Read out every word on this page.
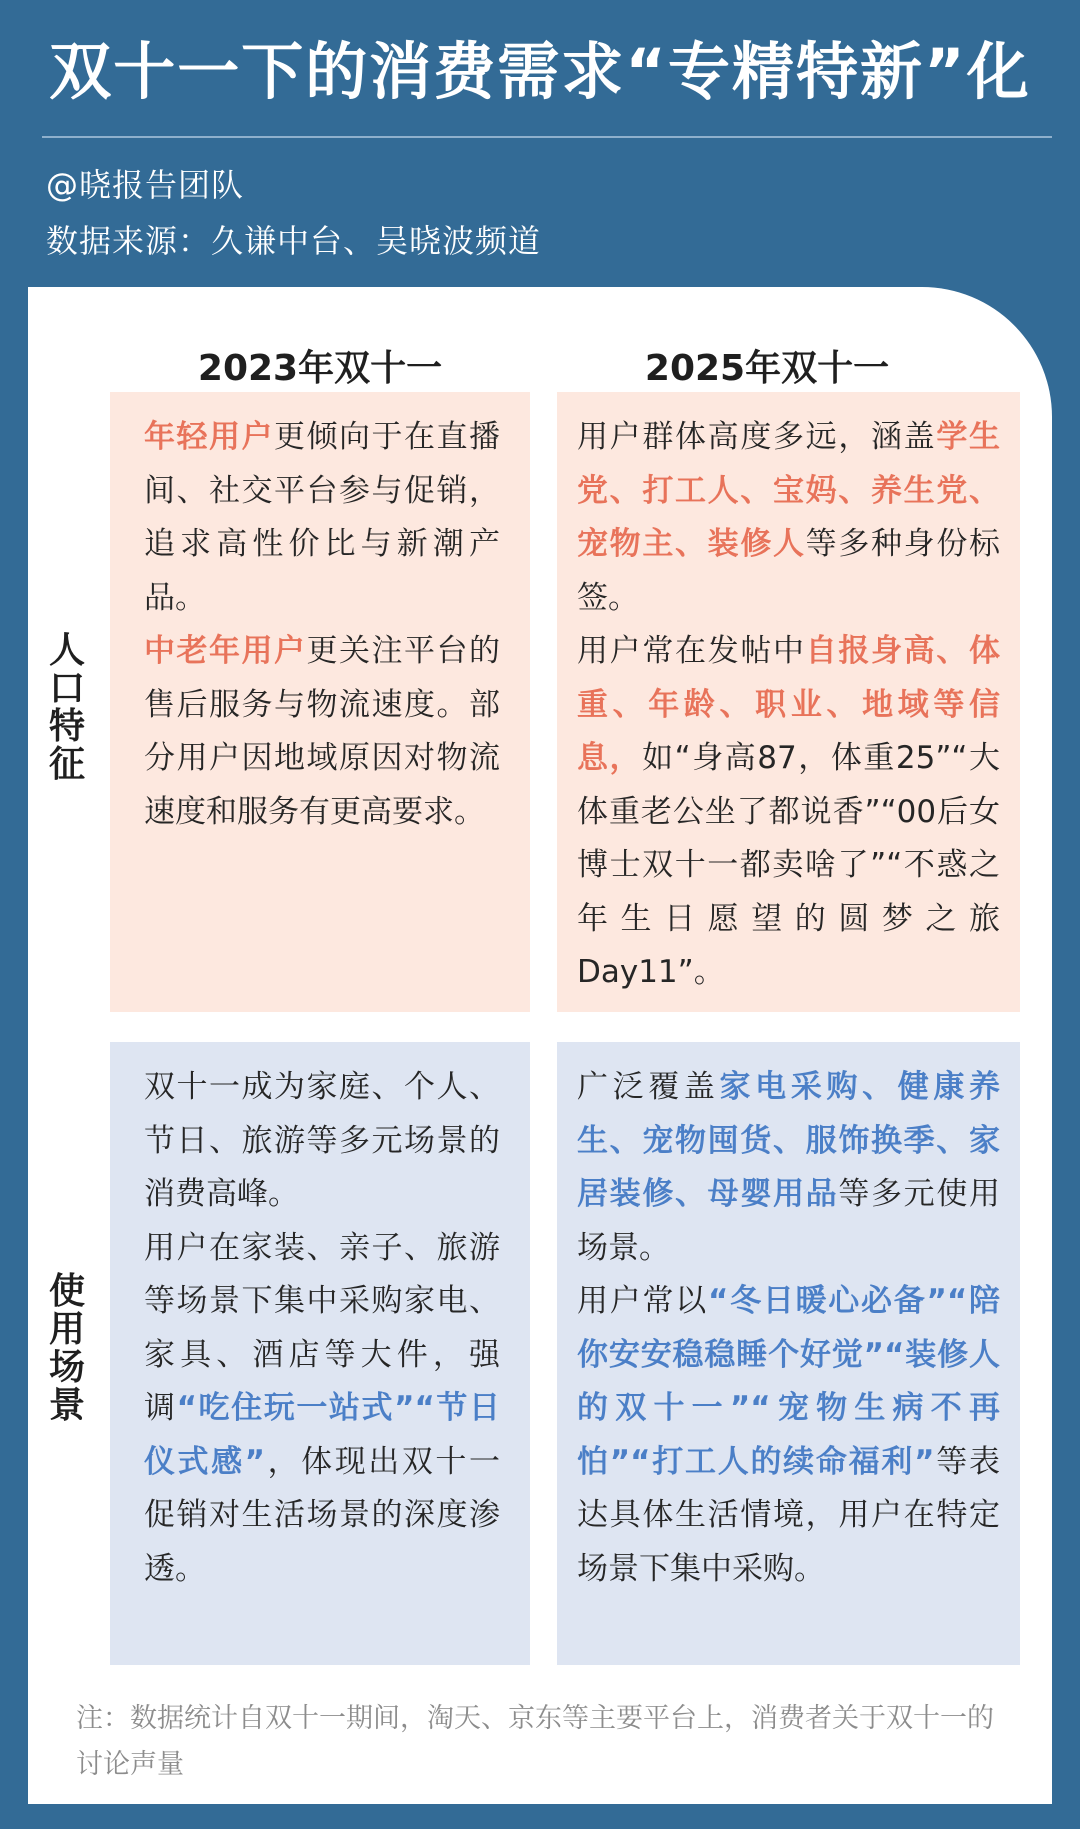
双十一下的消费需求“专精特新”化
@晓报告团队
数据来源：久谦中台、吴晓波频道
2023年双十一	2025年双十一
人
口
特
征
使
用
场
景

年轻用户更倾向于在直播间、社交平台参与促销，追求高性价比与新潮产品。

中老年用户更关注平台的售后服务与物流速度。部分用户因地域原因对物流速度和服务有更高要求。

用户群体高度多远，涵盖学生党、打工人、宝妈、养生党、宠物主、装修人等多种身份标签。

用户常在发帖中自报身高、体重、年龄、职业、地域等信息，如“身高87，体重25”“大体重老公坐了都说香”“00后女博士双十一都卖啥了”“不惑之年生日愿望的圆梦之旅Day11”。

双十一成为家庭、个人、节日、旅游等多元场景的消费高峰。

用户在家装、亲子、旅游等场景下集中采购家电、家具、酒店等大件，强调“吃住玩一站式”“节日仪式感”，体现出双十一促销对生活场景的深度渗透。

广泛覆盖家电采购、健康养生、宠物囤货、服饰换季、家居装修、母婴用品等多元使用场景。

用户常以“冬日暖心必备”“陪你安安稳稳睡个好觉”“装修人的双十一”“宠物生病不再怕”“打工人的续命福利”等表达具体生活情境，用户在特定场景下集中采购。

注：数据统计自双十一期间，淘天、京东等主要平台上，消费者关于双十一的讨论声量
